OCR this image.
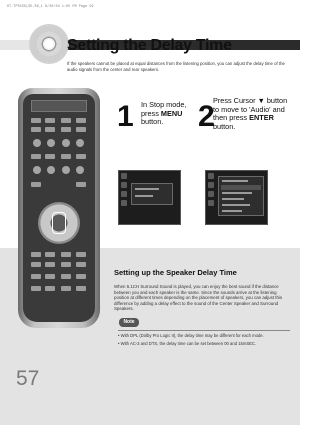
HT-TP55SS(SD-SN_1 8/30/04 1:05 PM Page 59
Setting the Delay Time
If the speakers cannot be placed at equal distances from the listening position, you can adjust the delay time of the audio signals from the center and rear speakers.
1 In Stop mode,
press MENU
button.	2
Press Cursor ▼ button
to move to 'Audio' and
then press ENTER
button.
Setting up the Speaker Delay Time
When 5.1CH Surround Sound is played, you can enjoy the best sound if the distance between you and each speaker is the same. Since the sounds arrive at the listening position at different times depending on the placement of speakers, you can adjust this difference by adding a delay effect to the sound of the Center Speaker and Surround Speakers.
Note
• With DPL (Dolby Pro Logic II), the delay time may be different for each mode.
• With AC-3 and DTS, the delay time can be set between 00 and 15mSEC.
57
